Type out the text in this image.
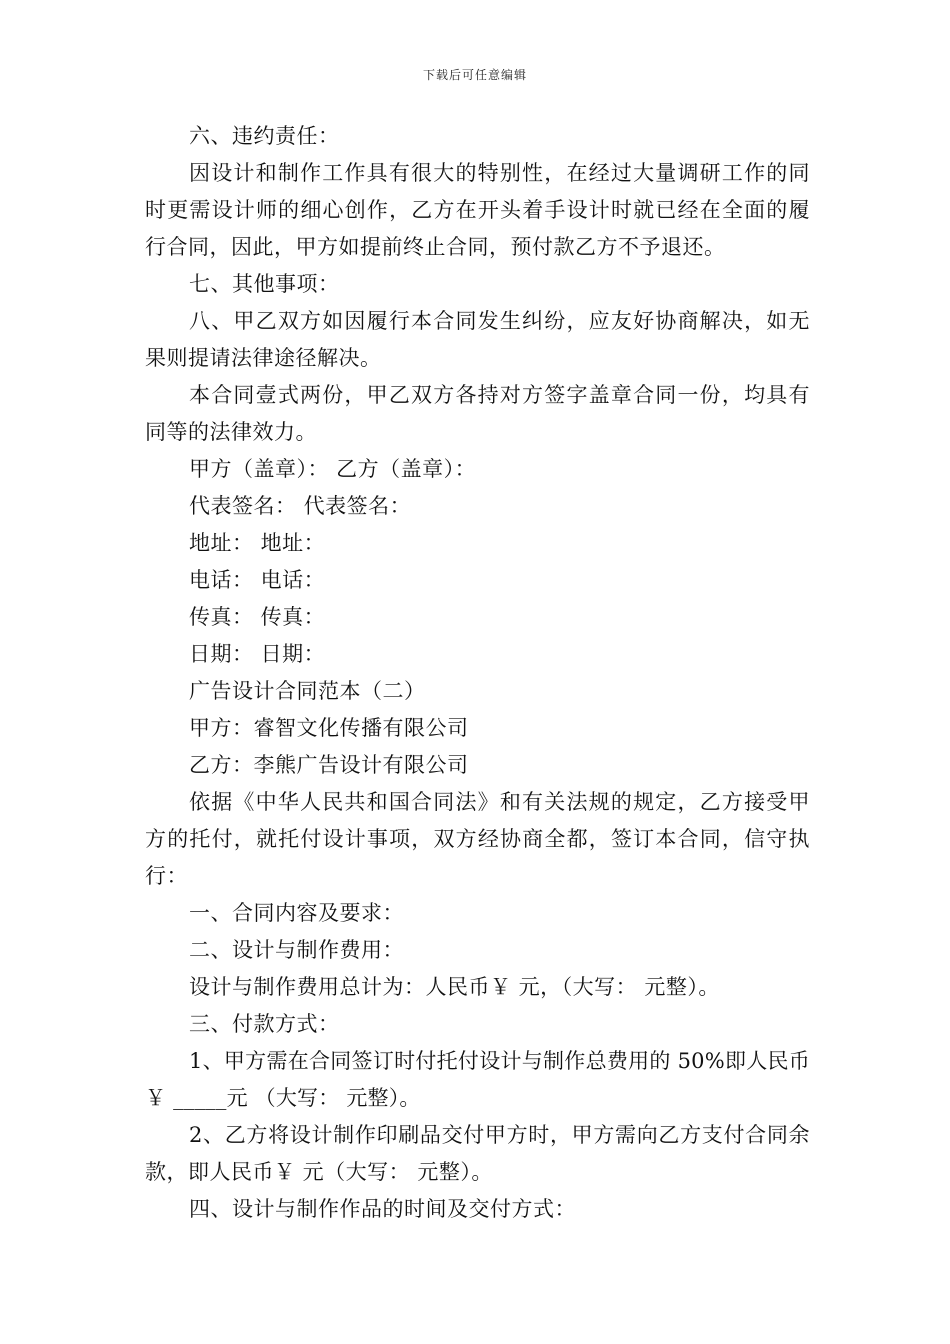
下载后可任意编辑

六、违约责任：

因设计和制作工作具有很大的特别性，在经过大量调研工作的同时更需设计师的细心创作，乙方在开头着手设计时就已经在全面的履行合同，因此，甲方如提前终止合同，预付款乙方不予退还。

七、其他事项：

八、甲乙双方如因履行本合同发生纠纷，应友好协商解决，如无果则提请法律途径解决。

本合同壹式两份，甲乙双方各持对方签字盖章合同一份，均具有同等的法律效力。

甲方（盖章）： 乙方（盖章）：

代表签名： 代表签名：

地址： 地址：

电话： 电话：

传真： 传真：

日期： 日期：

广告设计合同范本（二）

甲方：睿智文化传播有限公司

乙方：李熊广告设计有限公司

依据《中华人民共和国合同法》和有关法规的规定，乙方接受甲方的托付，就托付设计事项，双方经协商全都，签订本合同，信守执行：

一、合同内容及要求：

二、设计与制作费用：

设计与制作费用总计为：人民币￥ 元，（大写： 元整）。

三、付款方式：

1、甲方需在合同签订时付托付设计与制作总费用的 50%即人民币 ￥ _____元 （大写： 元整）。

2、乙方将设计制作印刷品交付甲方时，甲方需向乙方支付合同余款，即人民币￥ 元（大写： 元整）。

四、设计与制作作品的时间及交付方式：
